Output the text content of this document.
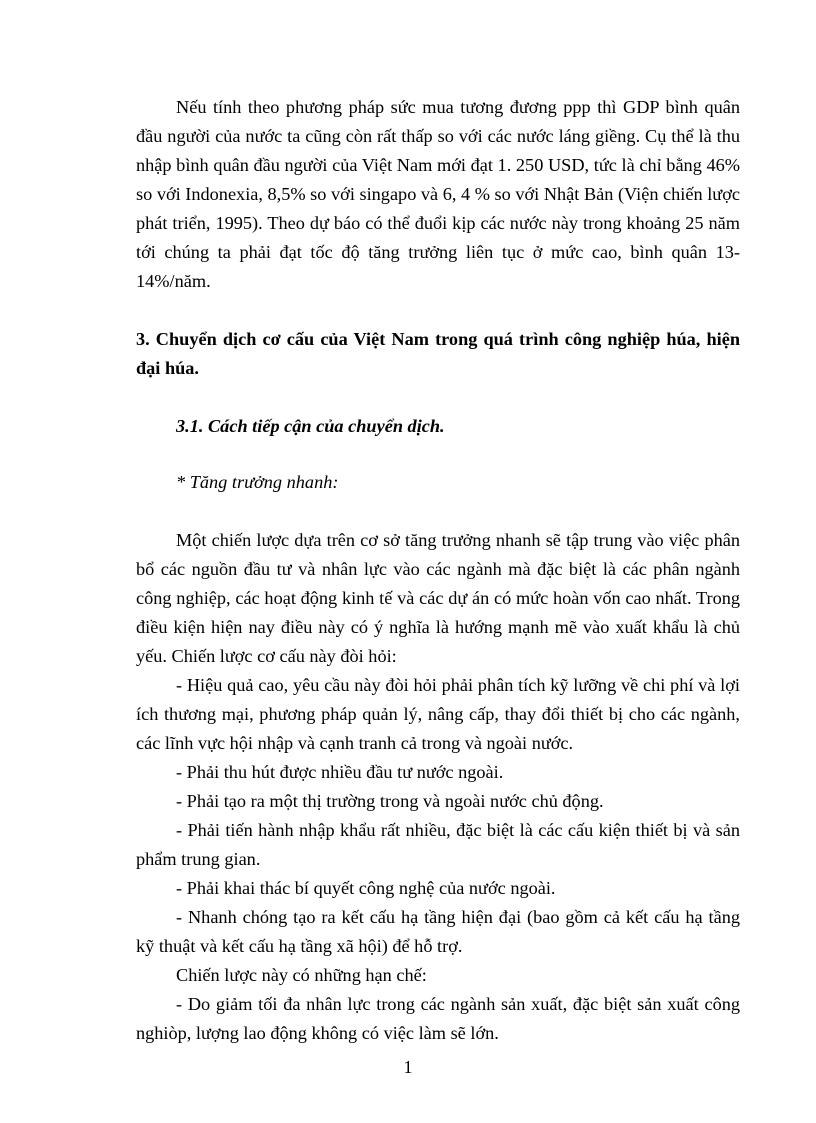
Nếu tính theo phương pháp sức mua tương đương ppp thì GDP bình quân đầu người của nước ta cũng còn rất thấp so với các nước láng giềng. Cụ thể là thu nhập bình quân đầu người của Việt Nam mới đạt 1. 250 USD, tức là chỉ bằng 46% so với Indonexia, 8,5% so với singapo và 6, 4 % so với Nhật Bản (Viện chiến lược phát triển, 1995). Theo dự báo có thể đuổi kịp các nước này trong khoảng 25 năm tới chúng ta phải đạt tốc độ tăng trưởng liên tục ở mức cao, bình quân 13-14%/năm.

3. Chuyển dịch cơ cấu của Việt Nam trong quá trình công nghiệp húa, hiện đại húa.

3.1. Cách tiếp cận của chuyển dịch.

* Tăng trưởng nhanh:

Một chiến lược dựa trên cơ sở tăng trưởng nhanh sẽ tập trung vào việc phân bổ các nguồn đầu tư và nhân lực vào các ngành mà đặc biệt là các phân ngành công nghiệp, các hoạt động kinh tế và các dự án có mức hoàn vốn cao nhất. Trong điều kiện hiện nay điều này có ý nghĩa là hướng mạnh mẽ vào xuất khẩu là chủ yếu. Chiến lược cơ cấu này đòi hỏi:

- Hiệu quả cao, yêu cầu này đòi hỏi phải phân tích kỹ lưỡng về chi phí và lợi ích thương mại, phương pháp quản lý, nâng cấp, thay đổi thiết bị cho các ngành, các lĩnh vực hội nhập và cạnh tranh cả trong và ngoài nước.

- Phải thu hút được nhiều đầu tư nước ngoài.

- Phải tạo ra một thị trường trong và ngoài nước chủ động.

- Phải tiến hành nhập khẩu rất nhiều, đặc biệt là các cấu kiện thiết bị và sản phẩm trung gian.

- Phải khai thác bí quyết công nghệ của nước ngoài.

- Nhanh chóng tạo ra kết cấu hạ tầng hiện đại (bao gồm cả kết cấu hạ tầng kỹ thuật và kết cấu hạ tầng xã hội) để hỗ trợ.

Chiến lược này có những hạn chế:

- Do giảm tối đa nhân lực trong các ngành sản xuất, đặc biệt sản xuất công nghiòp, lượng lao động không có việc làm sẽ lớn.

1
